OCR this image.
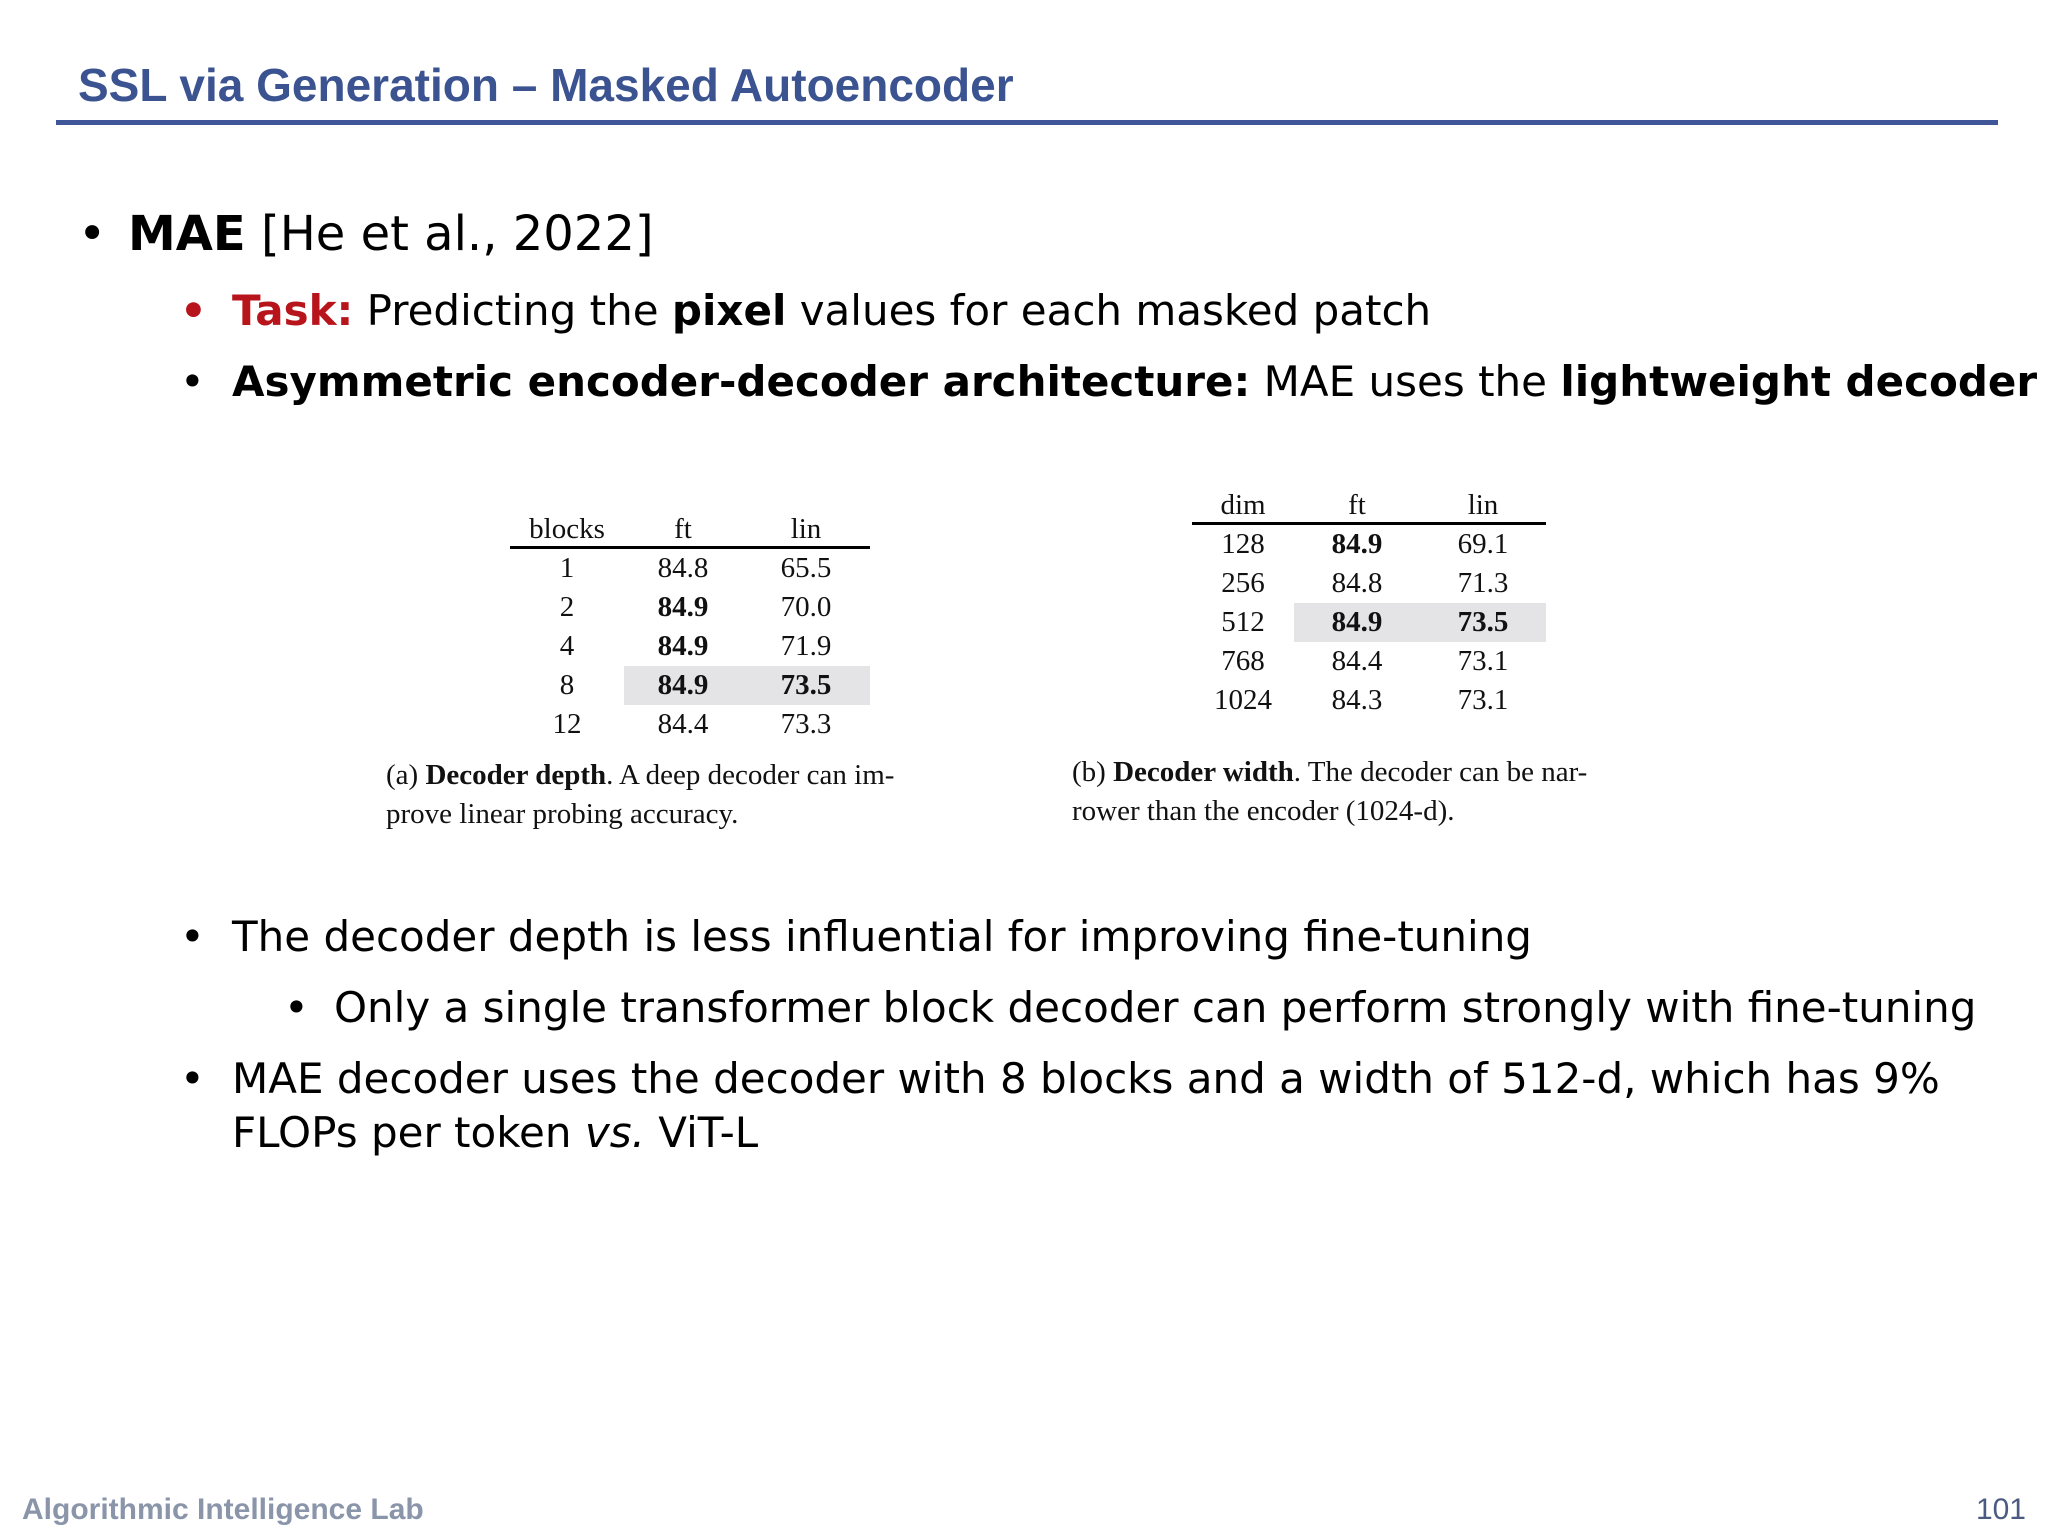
SSL via Generation – Masked Autoencoder
• MAE [He et al., 2022]
• Task: Predicting the pixel values for each masked patch
• Asymmetric encoder-decoder architecture: MAE uses the lightweight decoder
blocks	ft	lin
1	84.8	65.5
2	84.9	70.0
4	84.9	71.9
8	84.9	73.5
12	84.4	73.3
(a) Decoder depth. A deep decoder can im-
prove linear probing accuracy.
dim	ft	lin
128	84.9	69.1
256	84.8	71.3
512	84.9	73.5
768	84.4	73.1
1024	84.3	73.1
(b) Decoder width. The decoder can be nar-
rower than the encoder (1024-d).
• The decoder depth is less influential for improving fine-tuning
• Only a single transformer block decoder can perform strongly with fine-tuning
• MAE decoder uses the decoder with 8 blocks and a width of 512-d, which has 9%
FLOPs per token vs. ViT-L
Algorithmic Intelligence Lab	101
